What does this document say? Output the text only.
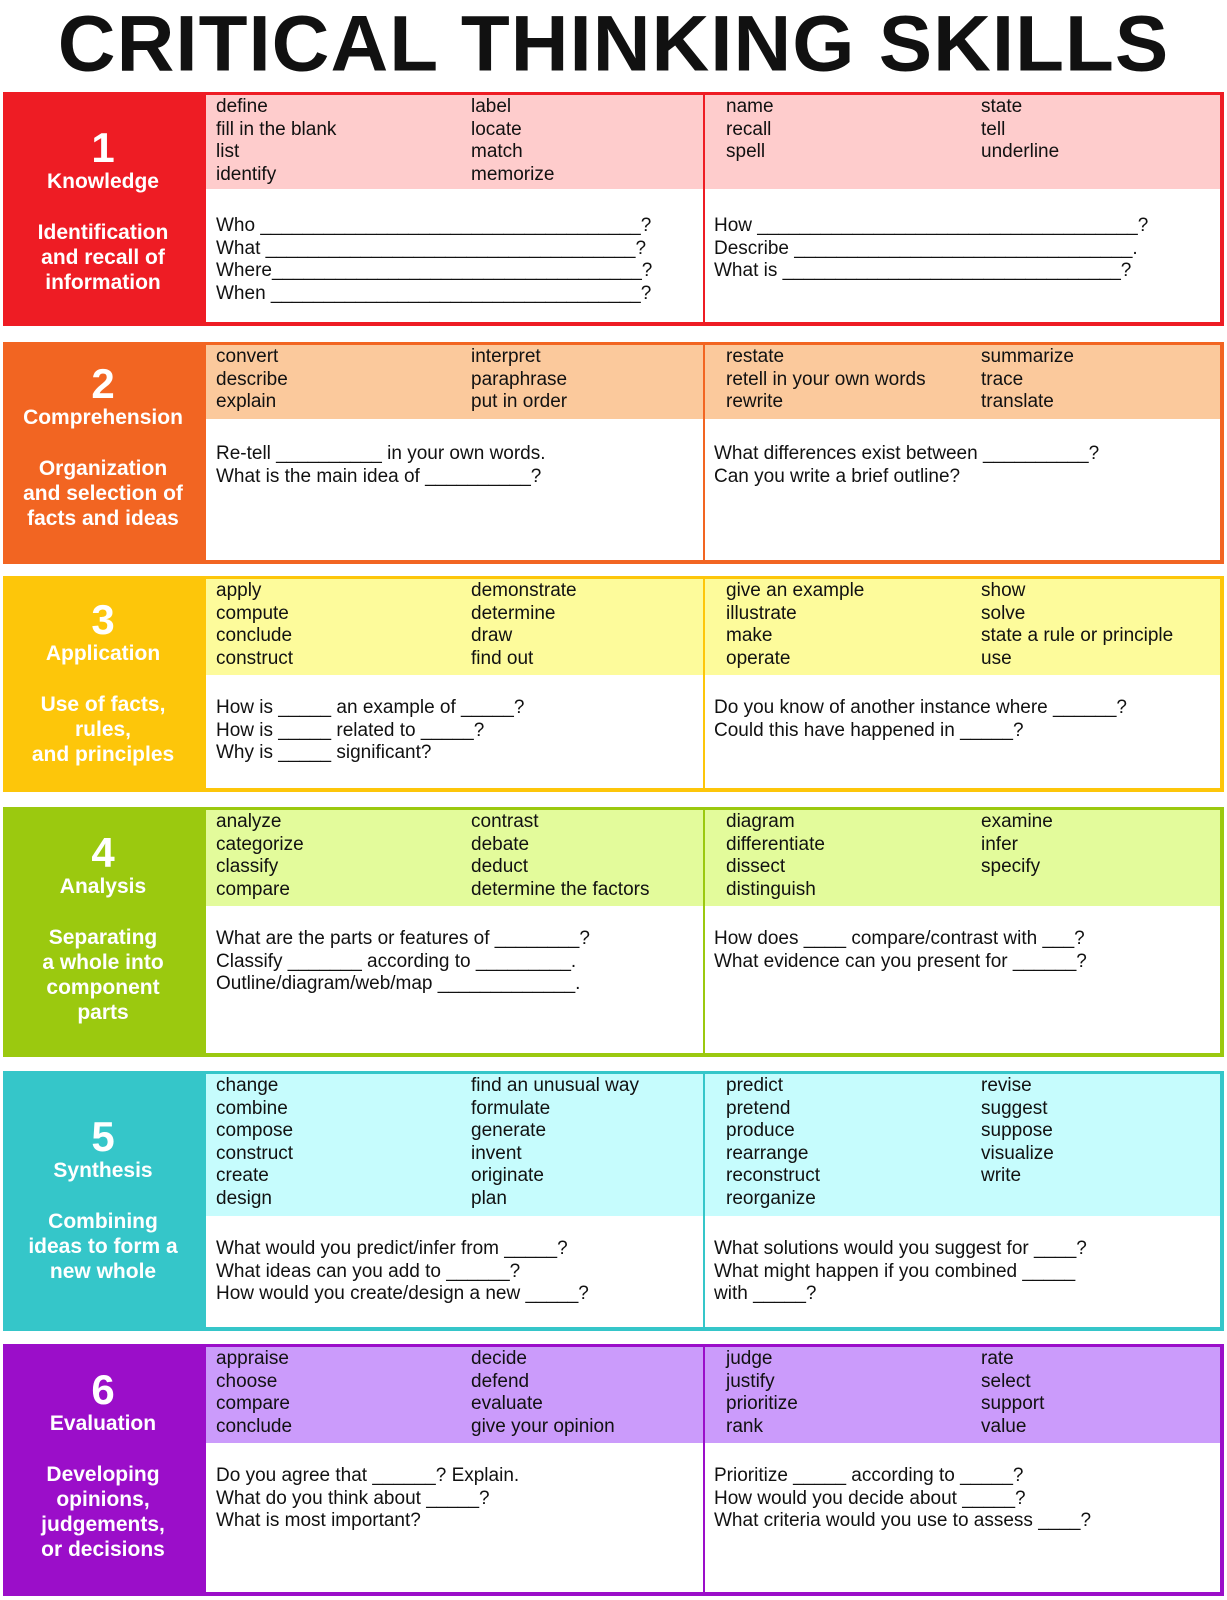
CRITICAL THINKING SKILLS
1
Knowledge
Identification
and recall of
information
define
fill in the blank
list
identify
label
locate
match
memorize
name
recall
spell
state
tell
underline
Who ____________________________________?
What ___________________________________?
Where___________________________________?
When ___________________________________?
How ____________________________________?
Describe ________________________________.
What is ________________________________?
2
Comprehension
Organization
and selection of
facts and ideas
convert
describe
explain
interpret
paraphrase
put in order
restate
retell in your own words
rewrite
summarize
trace
translate
Re-tell __________ in your own words.
What is the main idea of __________?
What differences exist between __________?
Can you write a brief outline?
3
Application
Use of facts,
rules,
and principles
apply
compute
conclude
construct
demonstrate
determine
draw
find out
give an example
illustrate
make
operate
show
solve
state a rule or principle
use
How is _____ an example of _____?
How is _____ related to _____?
Why is _____ significant?
Do you know of another instance where ______?
Could this have happened in _____?
4
Analysis
Separating
a whole into
component
parts
analyze
categorize
classify
compare
contrast
debate
deduct
determine the factors
diagram
differentiate
dissect
distinguish
examine
infer
specify
What are the parts or features of ________?
Classify _______ according to _________.
Outline/diagram/web/map _____________.
How does ____ compare/contrast with ___?
What evidence can you present for ______?
5
Synthesis
Combining
ideas to form a
new whole
change
combine
compose
construct
create
design
find an unusual way
formulate
generate
invent
originate
plan
predict
pretend
produce
rearrange
reconstruct
reorganize
revise
suggest
suppose
visualize
write
What would you predict/infer from _____?
What ideas can you add to ______?
How would you create/design a new _____?
What solutions would you suggest for ____?
What might happen if you combined _____
with _____?
6
Evaluation
Developing
opinions,
judgements,
or decisions
appraise
choose
compare
conclude
decide
defend
evaluate
give your opinion
judge
justify
prioritize
rank
rate
select
support
value
Do you agree that ______? Explain.
What do you think about _____?
What is most important?
Prioritize _____ according to _____?
How would you decide about _____?
What criteria would you use to assess ____?
